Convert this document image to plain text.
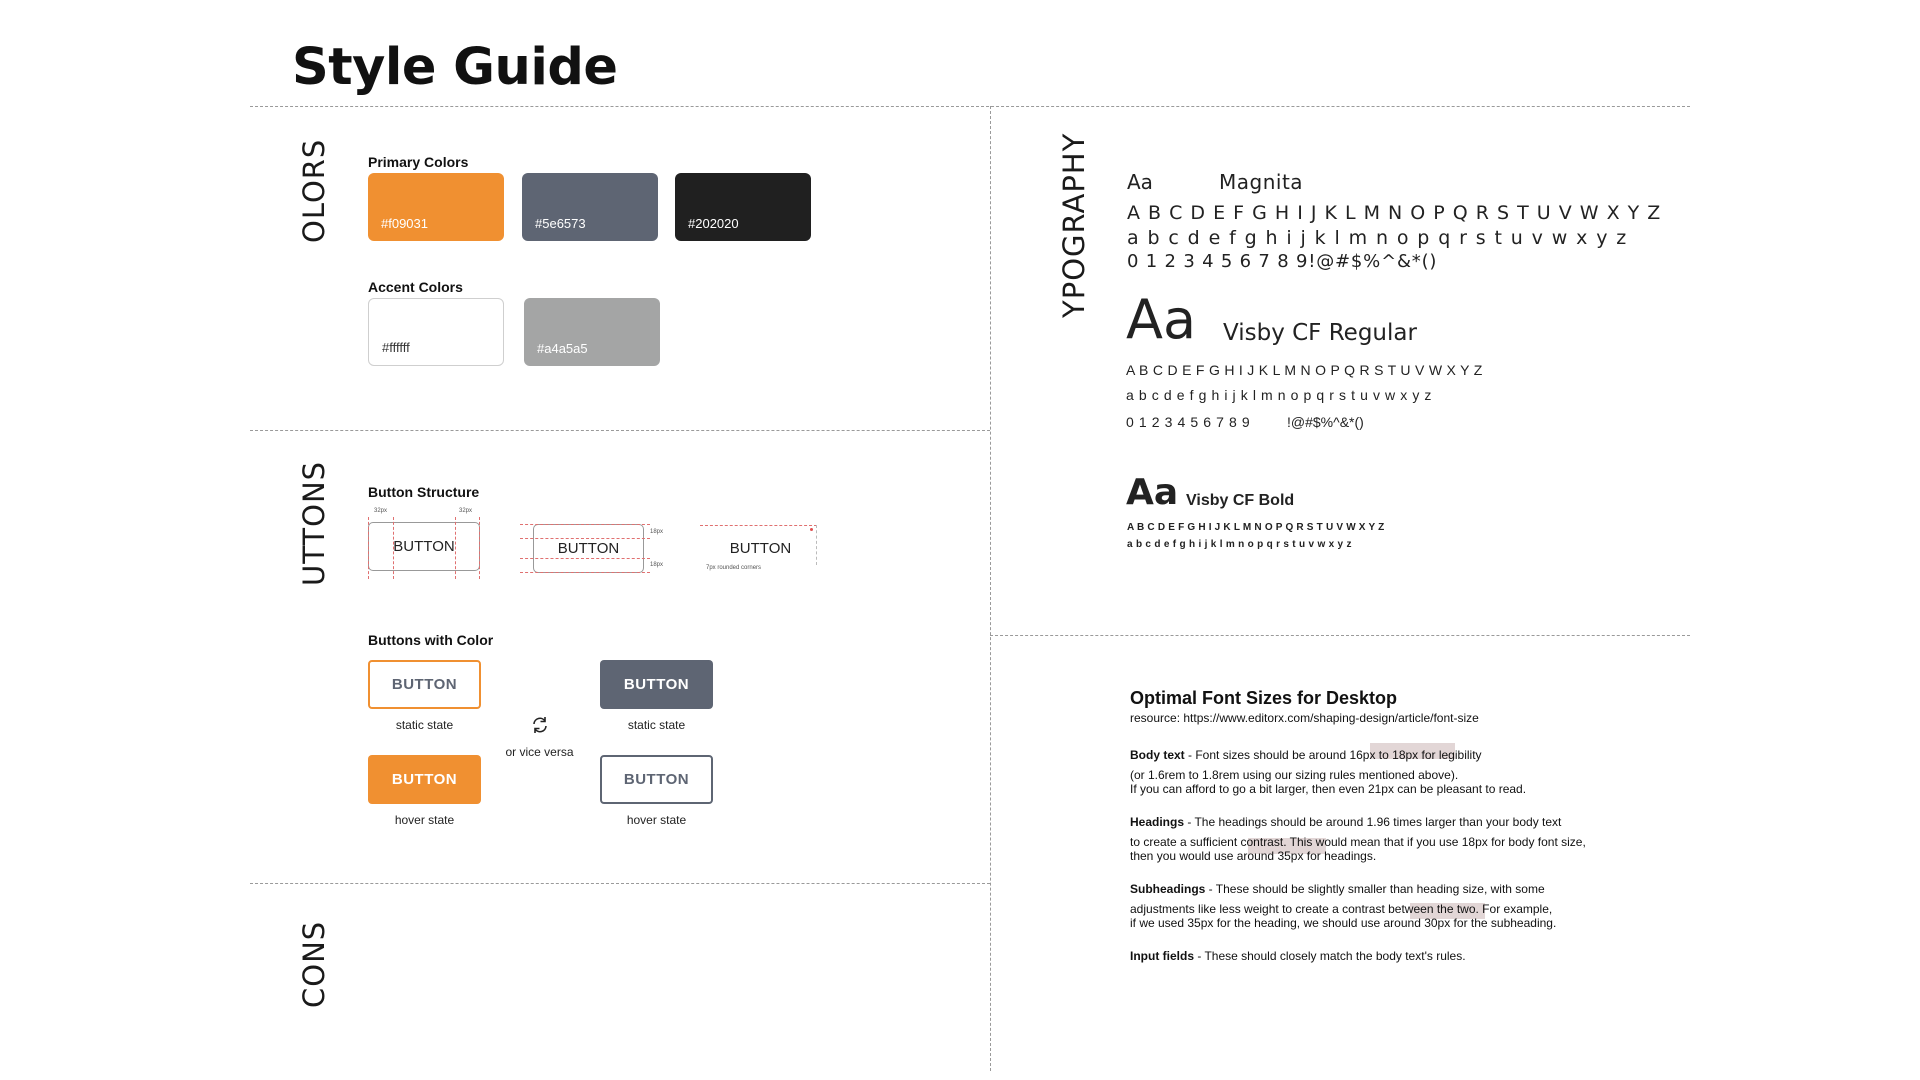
Style Guide
OLORS
UTTONS
CONS
YPOGRAPHY
Primary Colors
#f09031	#5e6573	#202020
Accent Colors
#ffffff	#a4a5a5
Button Structure
32px	32px
BUTTON
18px
18px
BUTTON	BUTTON
7px rounded corners
Buttons with Color
BUTTON
static state
BUTTON
hover state
or vice versa
BUTTON
static state
BUTTON
hover state
Aa	Magnita
A B C D E F G H I J K L M N O P Q R S T U V W X Y Z
a b c d e f g h i j k l m n o p q r s t u v w x y z
0 1 2 3 4 5 6 7 8 9!@#$%^&*()
Aa Visby CF Regular
A B C D E F G H I J K L M N O P Q R S T U V W X Y Z
a b c d e f g h i j k l m n o p q r s t u v w x y z
0 1 2 3 4 5 6 7 8 9	!@#$%^&*()
Aa Visby CF Bold
A B C D E F G H I J K L M N O P Q R S T U V W X Y Z
a b c d e f g h i j k l m n o p q r s t u v w x y z
Optimal Font Sizes for Desktop
resource: https://www.editorx.com/shaping-design/article/font-size
Body text - Font sizes should be around 16px to 18px for legibility
(or 1.6rem to 1.8rem using our sizing rules mentioned above).
If you can afford to go a bit larger, then even 21px can be pleasant to read.
Headings - The headings should be around 1.96 times larger than your body text
to create a sufficient contrast. This would mean that if you use 18px for body font size,
then you would use around 35px for headings.
Subheadings - These should be slightly smaller than heading size, with some
adjustments like less weight to create a contrast between the two. For example,
if we used 35px for the heading, we should use around 30px for the subheading.
Input fields - These should closely match the body text's rules.
